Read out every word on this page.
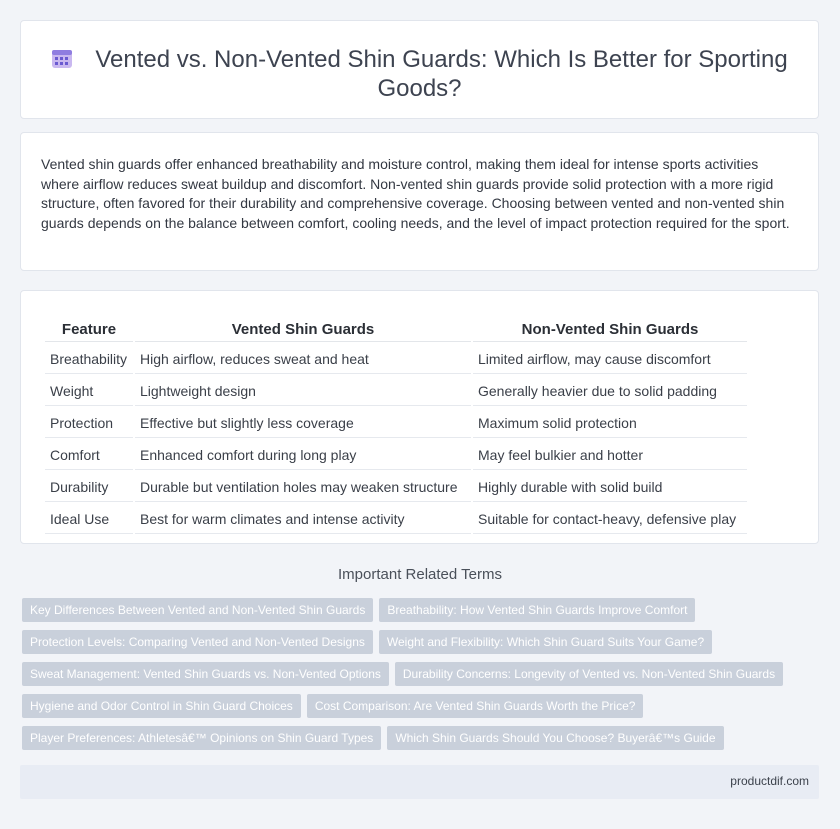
Vented vs. Non-Vented Shin Guards: Which Is Better for Sporting Goods?
Vented shin guards offer enhanced breathability and moisture control, making them ideal for intense sports activities where airflow reduces sweat buildup and discomfort. Non-vented shin guards provide solid protection with a more rigid structure, often favored for their durability and comprehensive coverage. Choosing between vented and non-vented shin guards depends on the balance between comfort, cooling needs, and the level of impact protection required for the sport.
Feature	Vented Shin Guards	Non-Vented Shin Guards
Breathability	High airflow, reduces sweat and heat	Limited airflow, may cause discomfort
Weight	Lightweight design	Generally heavier due to solid padding
Protection	Effective but slightly less coverage	Maximum solid protection
Comfort	Enhanced comfort during long play	May feel bulkier and hotter
Durability	Durable but ventilation holes may weaken structure	Highly durable with solid build
Ideal Use	Best for warm climates and intense activity	Suitable for contact-heavy, defensive play
Important Related Terms
Key Differences Between Vented and Non-Vented Shin Guards Breathability: How Vented Shin Guards Improve Comfort
Protection Levels: Comparing Vented and Non-Vented Designs Weight and Flexibility: Which Shin Guard Suits Your Game?
Sweat Management: Vented Shin Guards vs. Non-Vented Options Durability Concerns: Longevity of Vented vs. Non-Vented Shin Guards
Hygiene and Odor Control in Shin Guard Choices Cost Comparison: Are Vented Shin Guards Worth the Price?
Player Preferences: Athletesâ€™ Opinions on Shin Guard Types Which Shin Guards Should You Choose? Buyerâ€™s Guide
productdif.com
